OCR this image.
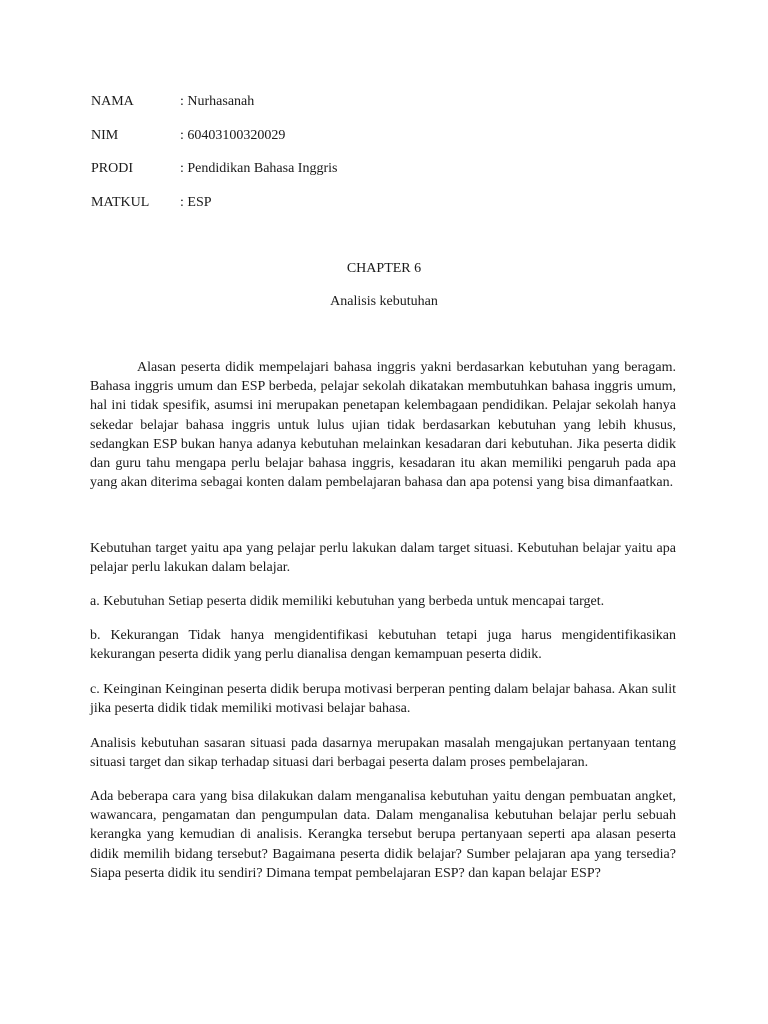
NAMA	: Nurhasanah
NIM	: 60403100320029
PRODI	: Pendidikan Bahasa Inggris
MATKUL : ESP
CHAPTER 6
Analisis kebutuhan

Alasan peserta didik mempelajari bahasa inggris yakni berdasarkan kebutuhan yang beragam. Bahasa inggris umum dan ESP berbeda, pelajar sekolah dikatakan membutuhkan bahasa inggris umum, hal ini tidak spesifik, asumsi ini merupakan penetapan kelembagaan pendidikan. Pelajar sekolah hanya sekedar belajar bahasa inggris untuk lulus ujian tidak berdasarkan kebutuhan yang lebih khusus, sedangkan ESP bukan hanya adanya kebutuhan melainkan kesadaran dari kebutuhan. Jika peserta didik dan guru tahu mengapa perlu belajar bahasa inggris, kesadaran itu akan memiliki pengaruh pada apa yang akan diterima sebagai konten dalam pembelajaran bahasa dan apa potensi yang bisa dimanfaatkan.

Kebutuhan target yaitu apa yang pelajar perlu lakukan dalam target situasi. Kebutuhan belajar yaitu apa pelajar perlu lakukan dalam belajar.

a. Kebutuhan Setiap peserta didik memiliki kebutuhan yang berbeda untuk mencapai target.

b. Kekurangan Tidak hanya mengidentifikasi kebutuhan tetapi juga harus mengidentifikasikan kekurangan peserta didik yang perlu dianalisa dengan kemampuan peserta didik.

c. Keinginan Keinginan peserta didik berupa motivasi berperan penting dalam belajar bahasa. Akan sulit jika peserta didik tidak memiliki motivasi belajar bahasa.

Analisis kebutuhan sasaran situasi pada dasarnya merupakan masalah mengajukan pertanyaan tentang situasi target dan sikap terhadap situasi dari berbagai peserta dalam proses pembelajaran.

Ada beberapa cara yang bisa dilakukan dalam menganalisa kebutuhan yaitu dengan pembuatan angket, wawancara, pengamatan dan pengumpulan data. Dalam menganalisa kebutuhan belajar perlu sebuah kerangka yang kemudian di analisis. Kerangka tersebut berupa pertanyaan seperti apa alasan peserta didik memilih bidang tersebut? Bagaimana peserta didik belajar? Sumber pelajaran apa yang tersedia? Siapa peserta didik itu sendiri? Dimana tempat pembelajaran ESP? dan kapan belajar ESP?
